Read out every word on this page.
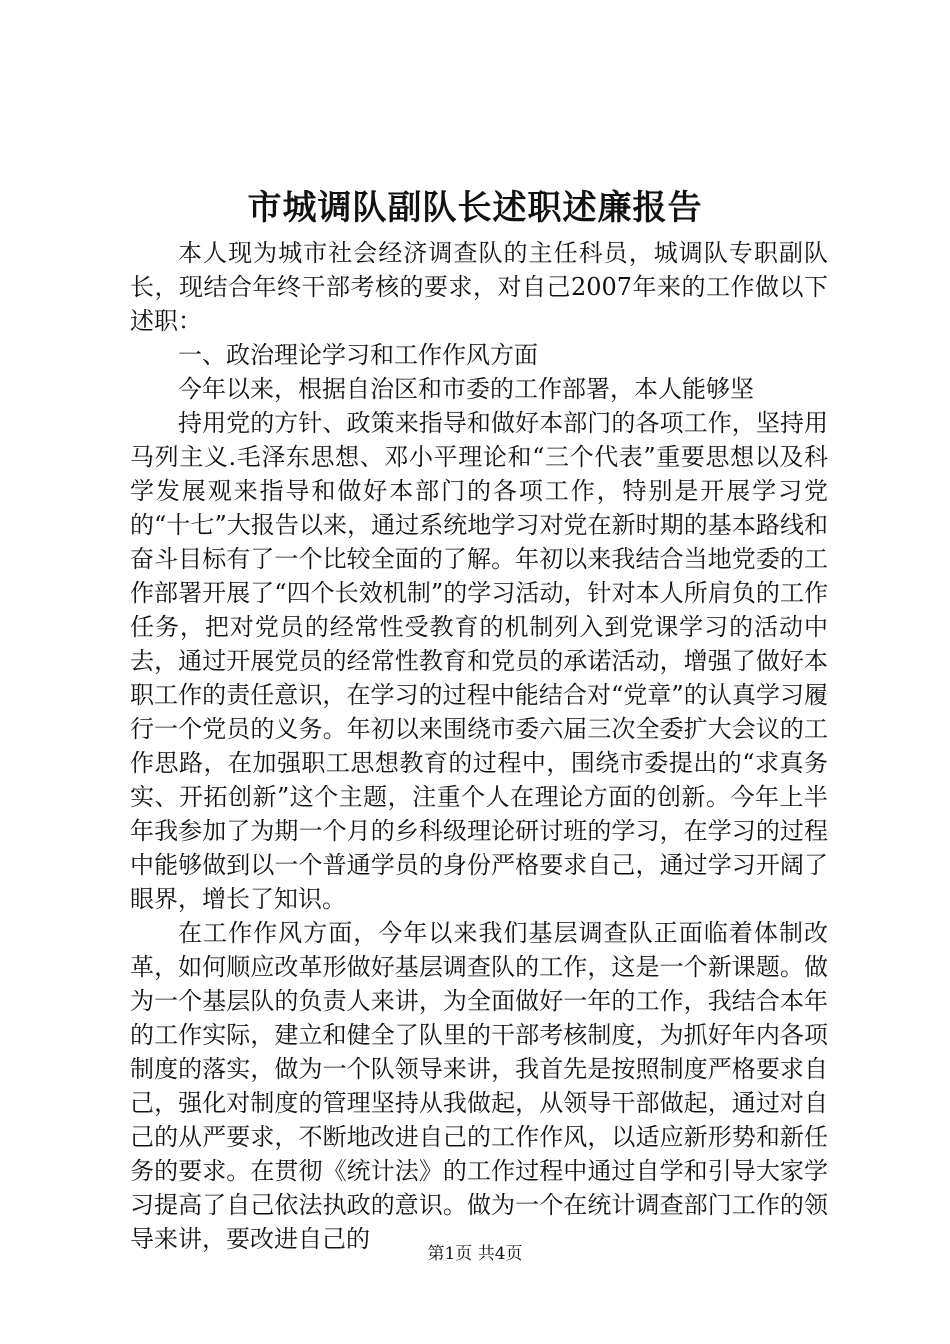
市城调队副队长述职述廉报告

本人现为城市社会经济调查队的主任科员，城调队专职副队长，现结合年终干部考核的要求，对自己2007年来的工作做以下述职：

一、政治理论学习和工作作风方面

今年以来，根据自治区和市委的工作部署，本人能够坚

持用党的方针、政策来指导和做好本部门的各项工作，坚持用马列主义.毛泽东思想、邓小平理论和“三个代表”重要思想以及科学发展观来指导和做好本部门的各项工作，特别是开展学习党的“十七”大报告以来，通过系统地学习对党在新时期的基本路线和奋斗目标有了一个比较全面的了解。年初以来我结合当地党委的工作部署开展了“四个长效机制”的学习活动，针对本人所肩负的工作任务，把对党员的经常性受教育的机制列入到党课学习的活动中去，通过开展党员的经常性教育和党员的承诺活动，增强了做好本职工作的责任意识，在学习的过程中能结合对“党章”的认真学习履行一个党员的义务。年初以来围绕市委六届三次全委扩大会议的工作思路，在加强职工思想教育的过程中，围绕市委提出的“求真务实、开拓创新”这个主题，注重个人在理论方面的创新。今年上半年我参加了为期一个月的乡科级理论研讨班的学习，在学习的过程中能够做到以一个普通学员的身份严格要求自己，通过学习开阔了眼界，增长了知识。

在工作作风方面，今年以来我们基层调查队正面临着体制改革，如何顺应改革形做好基层调查队的工作，这是一个新课题。做为一个基层队的负责人来讲，为全面做好一年的工作，我结合本年的工作实际，建立和健全了队里的干部考核制度，为抓好年内各项制度的落实，做为一个队领导来讲，我首先是按照制度严格要求自己，强化对制度的管理坚持从我做起，从领导干部做起，通过对自己的从严要求，不断地改进自己的工作作风，以适应新形势和新任务的要求。在贯彻《统计法》的工作过程中通过自学和引导大家学习提高了自己依法执政的意识。做为一个在统计调查部门工作的领导来讲，要改进自己的

第1页 共4页
